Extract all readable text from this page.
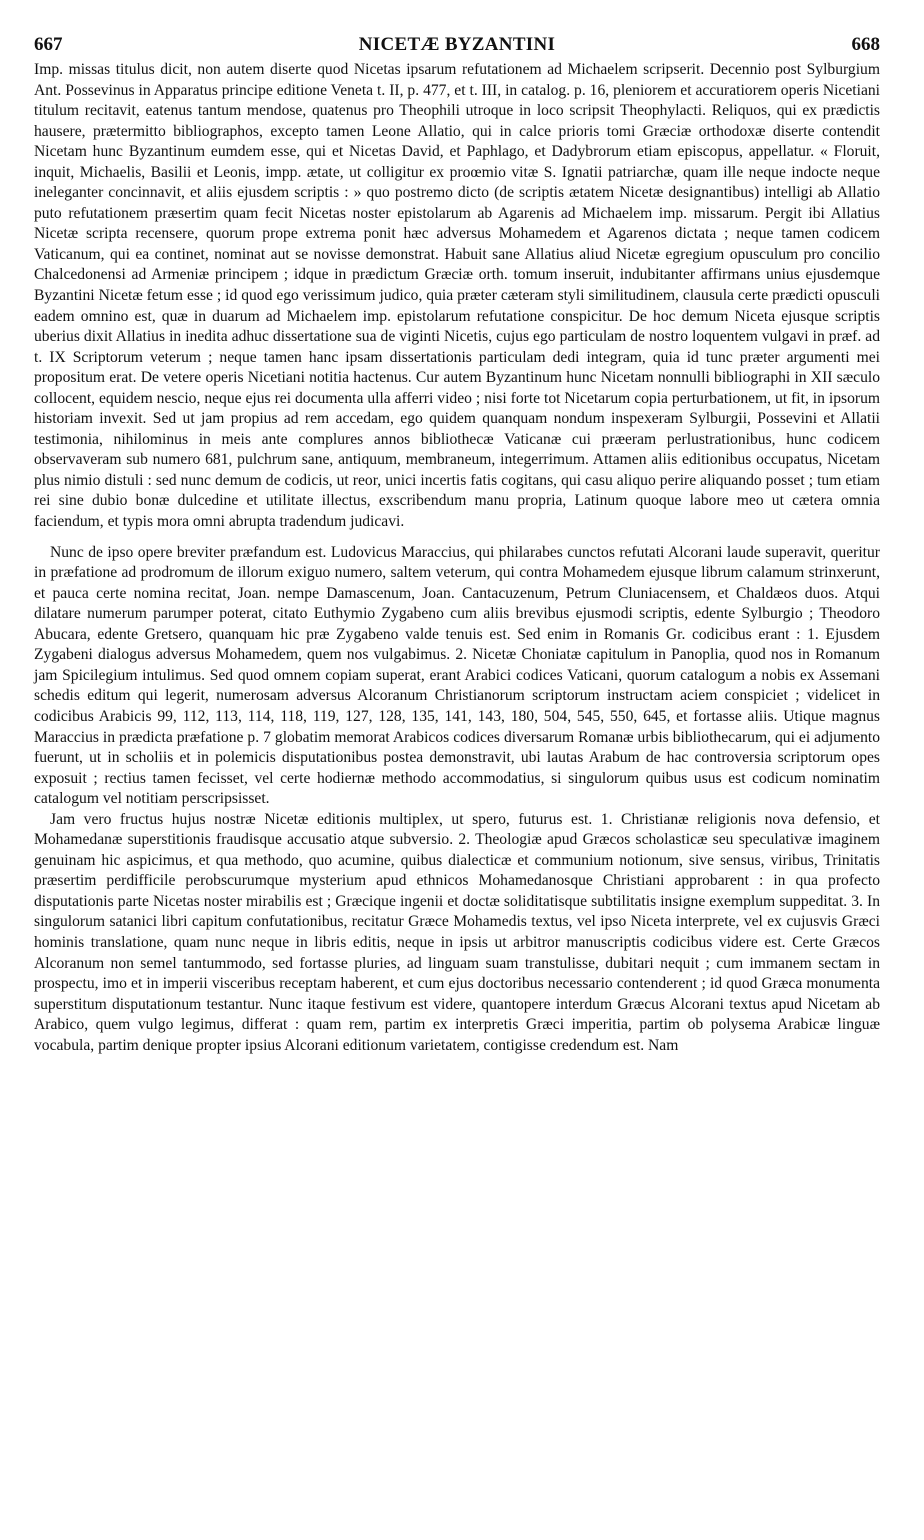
667	NICETÆ BYZANTINI	668

Imp. missas titulus dicit, non autem diserte quod Nicetas ipsarum refutationem ad Michaelem scripserit. Decennio post Sylburgium Ant. Possevinus in Apparatus principe editione Veneta t. II, p. 477, et t. III, in catalog. p. 16, pleniorem et accuratiorem operis Nicetiani titulum recitavit, eatenus tantum mendose, quatenus pro Theophili utroque in loco scripsit Theophylacti. Reliquos, qui ex prædictis hausere, prætermitto bibliographos, excepto tamen Leone Allatio, qui in calce prioris tomi Græciæ orthodoxæ diserte contendit Nicetam hunc Byzantinum eumdem esse, qui et Nicetas David, et Paphlago, et Dadybrorum etiam episcopus, appellatur. « Floruit, inquit, Michaelis, Basilii et Leonis, impp. ætate, ut colligitur ex proœmio vitæ S. Ignatii patriarchæ, quam ille neque indocte neque ineleganter concinnavit, et aliis ejusdem scriptis : » quo postremo dicto (de scriptis ætatem Nicetæ designantibus) intelligi ab Allatio puto refutationem præsertim quam fecit Nicetas noster epistolarum ab Agarenis ad Michaelem imp. missarum. Pergit ibi Allatius Nicetæ scripta recensere, quorum prope extrema ponit hæc adversus Mohamedem et Agarenos dictata ; neque tamen codicem Vaticanum, qui ea continet, nominat aut se novisse demonstrat. Habuit sane Allatius aliud Nicetæ egregium opusculum pro concilio Chalcedonensi ad Armeniæ principem ; idque in prædictum Græciæ orth. tomum inseruit, indubitanter affirmans unius ejusdemque Byzantini Nicetæ fetum esse ; id quod ego verissimum judico, quia præter cæteram styli similitudinem, clausula certe prædicti opusculi eadem omnino est, quæ in duarum ad Michaelem imp. epistolarum refutatione conspicitur. De hoc demum Niceta ejusque scriptis uberius dixit Allatius in inedita adhuc dissertatione sua de viginti Nicetis, cujus ego particulam de nostro loquentem vulgavi in præf. ad t. IX Scriptorum veterum ; neque tamen hanc ipsam dissertationis particulam dedi integram, quia id tunc præter argumenti mei propositum erat. De vetere operis Nicetiani notitia hactenus. Cur autem Byzantinum hunc Nicetam nonnulli bibliographi in XII sæculo collocent, equidem nescio, neque ejus rei documenta ulla afferri video ; nisi forte tot Nicetarum copia perturbationem, ut fit, in ipsorum historiam invexit. Sed ut jam propius ad rem accedam, ego quidem quanquam nondum inspexeram Sylburgii, Possevini et Allatii testimonia, nihilominus in meis ante complures annos bibliothecæ Vaticanæ cui præeram perlustrationibus, hunc codicem observaveram sub numero 681, pulchrum sane, antiquum, membraneum, integerrimum. Attamen aliis editionibus occupatus, Nicetam plus nimio distuli : sed nunc demum de codicis, ut reor, unici incertis fatis cogitans, qui casu aliquo perire aliquando posset ; tum etiam rei sine dubio bonæ dulcedine et utilitate illectus, exscribendum manu propria, Latinum quoque labore meo ut cætera omnia faciendum, et typis mora omni abrupta tradendum judicavi.

Nunc de ipso opere breviter præfandum est. Ludovicus Maraccius, qui philarabes cunctos refutati Alcorani laude superavit, queritur in præfatione ad prodromum de illorum exiguo numero, saltem veterum, qui contra Mohamedem ejusque librum calamum strinxerunt, et pauca certe nomina recitat, Joan. nempe Damascenum, Joan. Cantacuzenum, Petrum Cluniacensem, et Chaldæos duos. Atqui dilatare numerum parumper poterat, citato Euthymio Zygabeno cum aliis brevibus ejusmodi scriptis, edente Sylburgio ; Theodoro Abucara, edente Gretsero, quanquam hic præ Zygabeno valde tenuis est. Sed enim in Romanis Gr. codicibus erant : 1. Ejusdem Zygabeni dialogus adversus Mohamedem, quem nos vulgabimus. 2. Nicetæ Choniatæ capitulum in Panoplia, quod nos in Romanum jam Spicilegium intulimus. Sed quod omnem copiam superat, erant Arabici codices Vaticani, quorum catalogum a nobis ex Assemani schedis editum qui legerit, numerosam adversus Alcoranum Christianorum scriptorum instructam aciem conspiciet ; videlicet in codicibus Arabicis 99, 112, 113, 114, 118, 119, 127, 128, 135, 141, 143, 180, 504, 545, 550, 645, et fortasse aliis. Utique magnus Maraccius in prædicta præfatione p. 7 globatim memorat Arabicos codices diversarum Romanæ urbis bibliothecarum, qui ei adjumento fuerunt, ut in scholiis et in polemicis disputationibus postea demonstravit, ubi lautas Arabum de hac controversia scriptorum opes exposuit ; rectius tamen fecisset, vel certe hodiernæ methodo accommodatius, si singulorum quibus usus est codicum nominatim catalogum vel notitiam perscripsisset.

Jam vero fructus hujus nostræ Nicetæ editionis multiplex, ut spero, futurus est. 1. Christianæ religionis nova defensio, et Mohamedanæ superstitionis fraudisque accusatio atque subversio. 2. Theologiæ apud Græcos scholasticæ seu speculativæ imaginem genuinam hic aspicimus, et qua methodo, quo acumine, quibus dialecticæ et communium notionum, sive sensus, viribus, Trinitatis præsertim perdifficile perobscurumque mysterium apud ethnicos Mohamedanosque Christiani approbarent : in qua profecto disputationis parte Nicetas noster mirabilis est ; Græcique ingenii et doctæ soliditatisque subtilitatis insigne exemplum suppeditat. 3. In singulorum satanici libri capitum confutationibus, recitatur Græce Mohamedis textus, vel ipso Niceta interprete, vel ex cujusvis Græci hominis translatione, quam nunc neque in libris editis, neque in ipsis ut arbitror manuscriptis codicibus videre est. Certe Græcos Alcoranum non semel tantummodo, sed fortasse pluries, ad linguam suam transtulisse, dubitari nequit ; cum immanem sectam in prospectu, imo et in imperii visceribus receptam haberent, et cum ejus doctoribus necessario contenderent ; id quod Græca monumenta superstitum disputationum testantur. Nunc itaque festivum est videre, quantopere interdum Græcus Alcorani textus apud Nicetam ab Arabico, quem vulgo legimus, differat : quam rem, partim ex interpretis Græci imperitia, partim ob polysema Arabicæ linguæ vocabula, partim denique propter ipsius Alcorani editionum varietatem, contigisse credendum est. Nam
